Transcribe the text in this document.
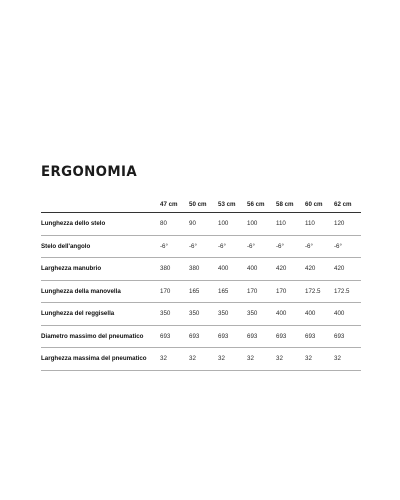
ERGONOMIA
	47 cm	50 cm	53 cm	56 cm	58 cm	60 cm	62 cm
Lunghezza dello stelo	80	90	100	100	110	110	120
Stelo dell'angolo	-6°	-6°	-6°	-6°	-6°	-6°	-6°
Larghezza manubrio	380	380	400	400	420	420	420
Lunghezza della manovella	170	165	165	170	170	172.5	172.5
Lunghezza del reggisella	350	350	350	350	400	400	400
Diametro massimo del pneumatico	693	693	693	693	693	693	693
Larghezza massima del pneumatico	32	32	32	32	32	32	32
